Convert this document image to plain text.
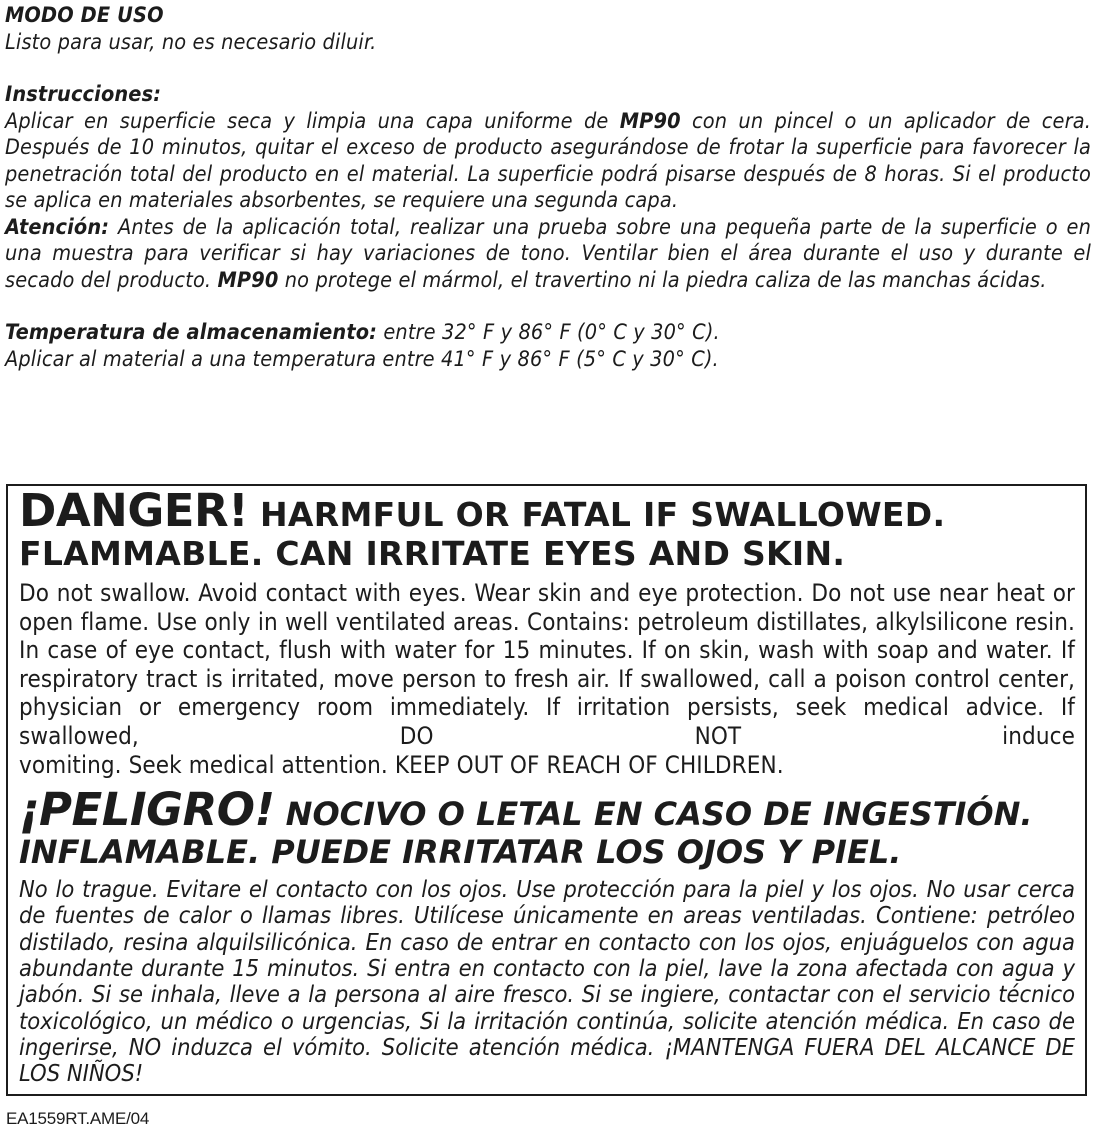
MODO DE USO

Listo para usar, no es necesario diluir.

Instrucciones:

Aplicar en superficie seca y limpia una capa uniforme de MP90 con un pincel o un aplicador de cera. Después de 10 minutos, quitar el exceso de producto asegurándose de frotar la superficie para favorecer la penetración total del producto en el material. La superficie podrá pisarse después de 8 horas. Si el producto se aplica en materiales absorbentes, se requiere una segunda capa.

Atención: Antes de la aplicación total, realizar una prueba sobre una pequeña parte de la superficie o en una muestra para verificar si hay variaciones de tono. Ventilar bien el área durante el uso y durante el secado del producto. MP90 no protege el mármol, el travertino ni la piedra caliza de las manchas ácidas.

Temperatura de almacenamiento: entre 32° F y 86° F (0° C y 30° C).

Aplicar al material a una temperatura entre 41° F y 86° F (5° C y 30° C).

DANGER! HARMFUL OR FATAL IF SWALLOWED.
FLAMMABLE. CAN IRRITATE EYES AND SKIN.

Do not swallow. Avoid contact with eyes. Wear skin and eye protection. Do not use near heat or open flame. Use only in well ventilated areas. Contains: petroleum distillates, alkylsilicone resin. In case of eye contact, flush with water for 15 minutes. If on skin, wash with soap and water. If respiratory tract is irritated, move person to fresh air. If swallowed, call a poison control center, physician or emergency room immediately. If irritation persists, seek medical advice. If swallowed, DO NOT induce
vomiting. Seek medical attention. KEEP OUT OF REACH OF CHILDREN.

¡PELIGRO! NOCIVO O LETAL EN CASO DE INGESTIÓN.
INFLAMABLE. PUEDE IRRITATAR LOS OJOS Y PIEL.

No lo trague. Evitare el contacto con los ojos. Use protección para la piel y los ojos. No usar cerca de fuentes de calor o llamas libres. Utilícese únicamente en areas ventiladas. Contiene: petróleo distilado, resina alquilsilicónica. En caso de entrar en contacto con los ojos, enjuáguelos con agua abundante durante 15 minutos. Si entra en contacto con la piel, lave la zona afectada con agua y jabón. Si se inhala, lleve a la persona al aire fresco. Si se ingiere, contactar con el servicio técnico toxicológico, un médico o urgencias, Si la irritación continúa, solicite atención médica. En caso de ingerirse, NO induzca el vómito. Solicite atención médica. ¡MANTENGA FUERA DEL ALCANCE DE LOS NIÑOS!

EA1559RT.AME/04
